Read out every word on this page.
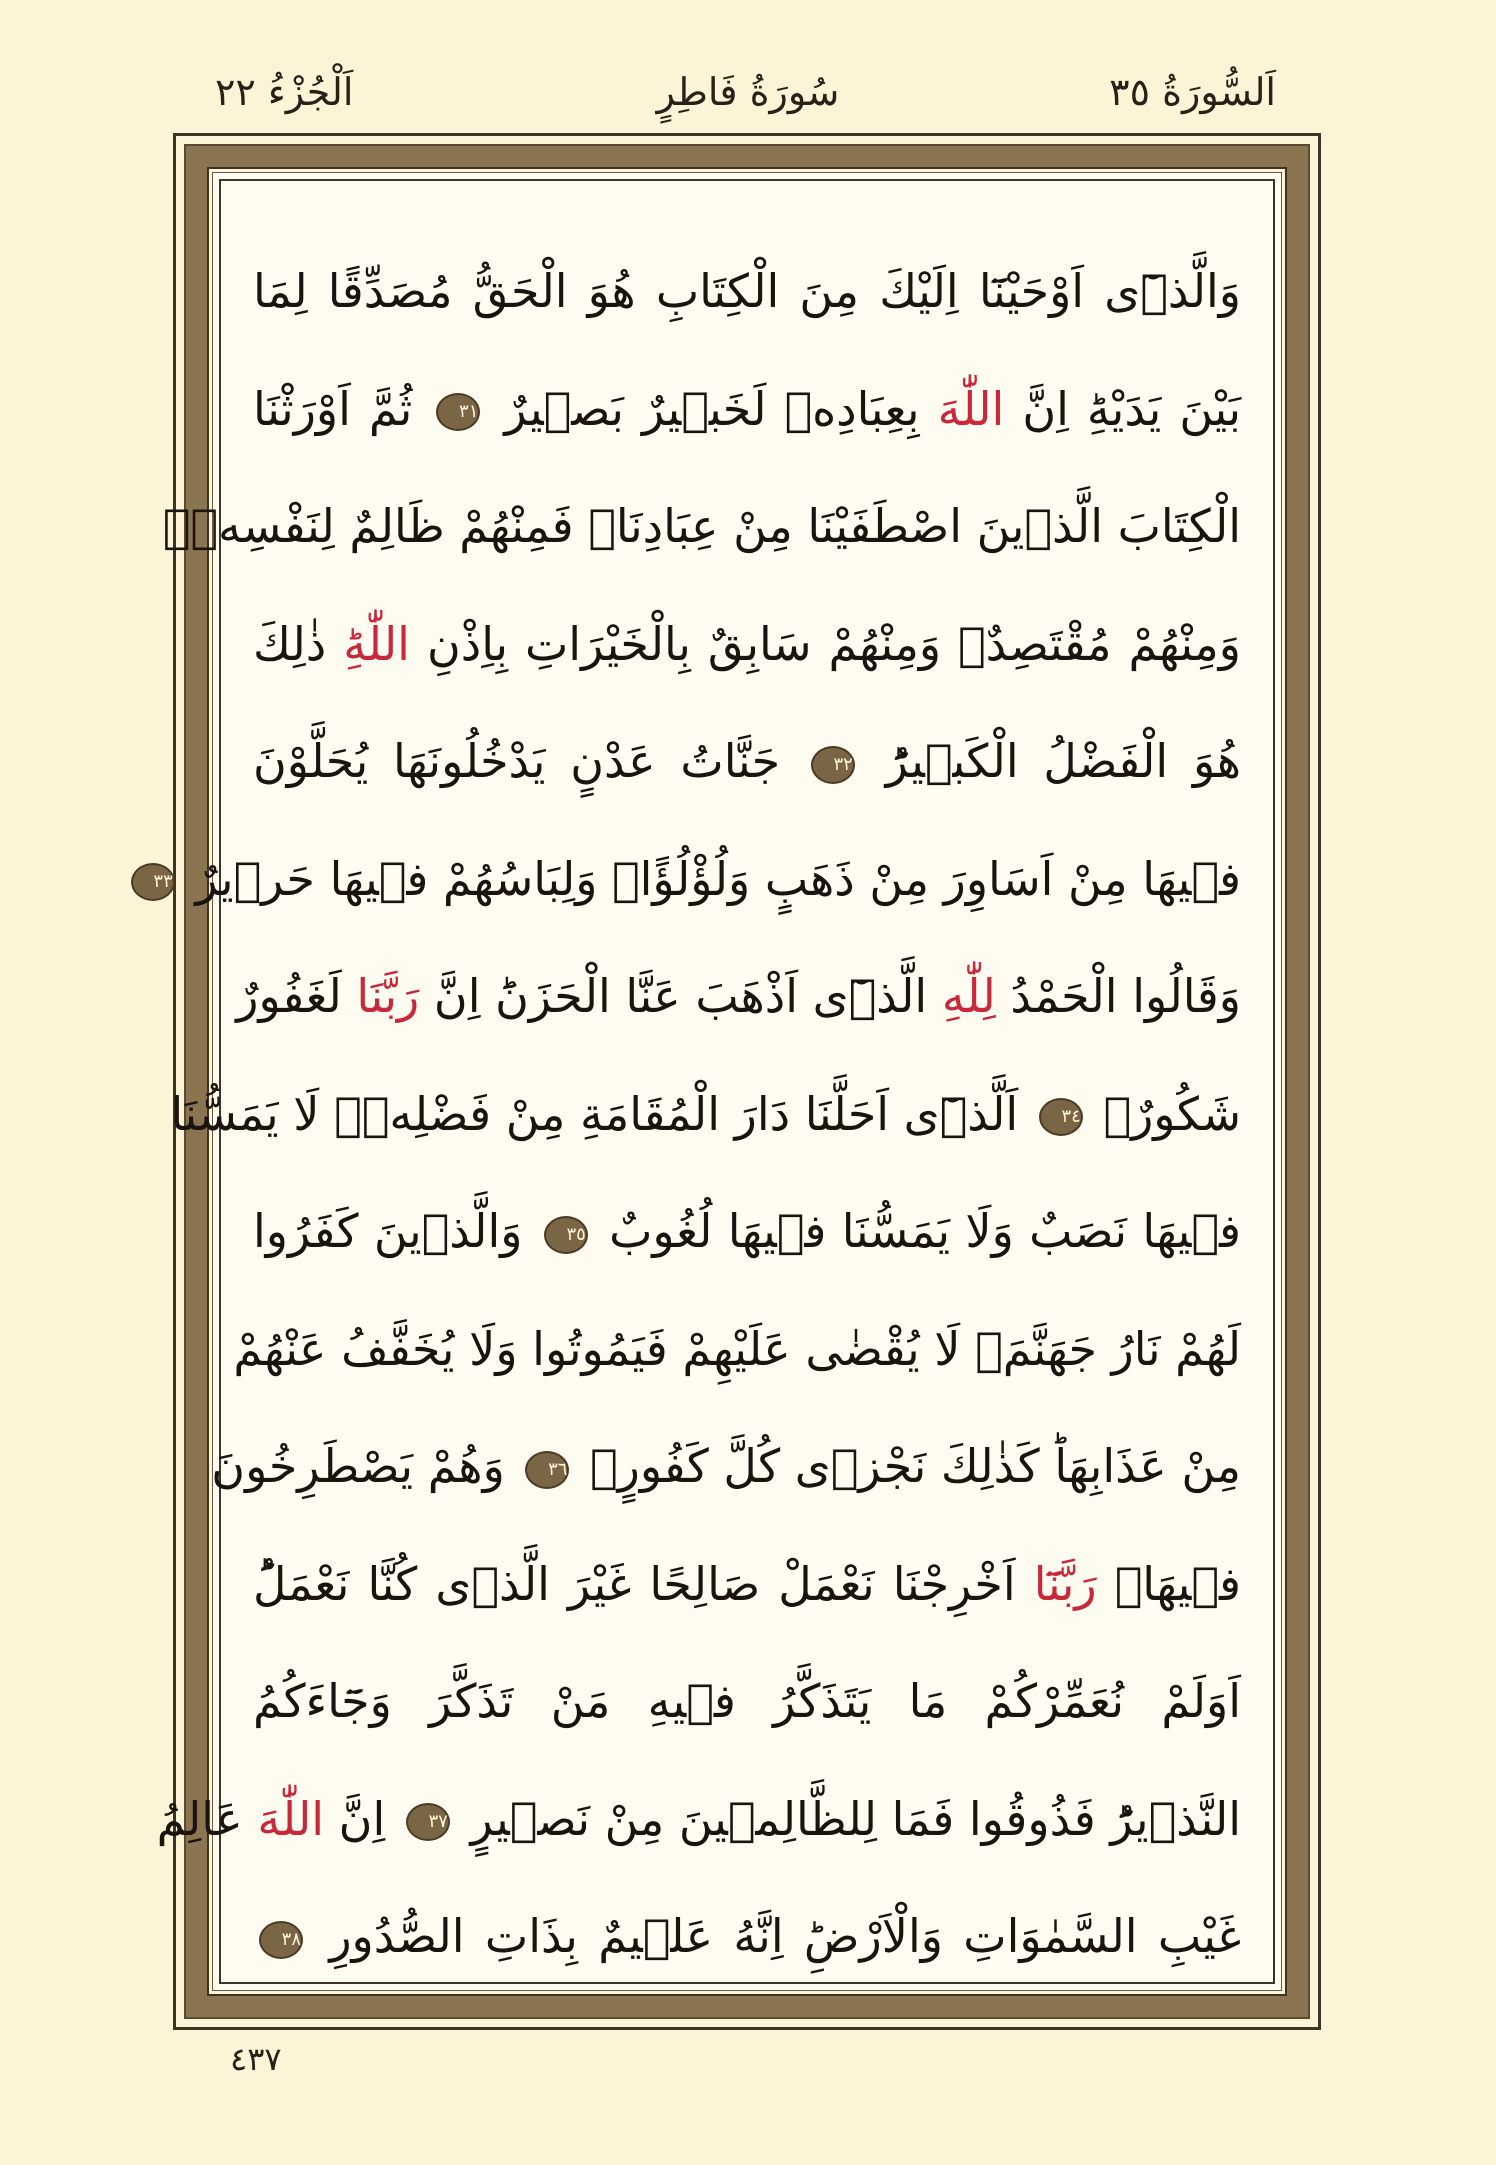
اَلْجُزْءُ ٢٢	سُورَةُ فَاطِرٍ	اَلسُّورَةُ ٣٥
وَالَّذٖٓى اَوْحَيْنَٓا اِلَيْكَ مِنَ الْكِتَابِ هُوَ الْحَقُّ مُصَدِّقًا لِمَا
بَيْنَ يَدَيْهِؕ اِنَّ اللّٰهَ بِعِبَادِهٖ لَخَبٖيرٌ بَصٖيرٌ ٣١ ثُمَّ اَوْرَثْنَا
الْكِتَابَ الَّذٖينَ اصْطَفَيْنَا مِنْ عِبَادِنَاۚ فَمِنْهُمْ ظَالِمٌ لِنَفْسِهٖۚ
وَمِنْهُمْ مُقْتَصِدٌۚ وَمِنْهُمْ سَابِقٌ بِالْخَيْرَاتِ بِاِذْنِ اللّٰهِؕ ذٰلِكَ
هُوَ الْفَضْلُ الْكَبٖيرُؕ ٣٢ جَنَّاتُ عَدْنٍ يَدْخُلُونَهَا يُحَلَّوْنَ
فٖيهَا مِنْ اَسَاوِرَ مِنْ ذَهَبٍ وَلُؤْلُؤًاۚ وَلِبَاسُهُمْ فٖيهَا حَرٖيرٌ ٣٣
وَقَالُوا الْحَمْدُ لِلّٰهِ الَّذٖٓى اَذْهَبَ عَنَّا الْحَزَنَؕ اِنَّ رَبَّنَا لَغَفُورٌ
شَكُورٌۙ ٣٤ اَلَّذٖٓى اَحَلَّنَا دَارَ الْمُقَامَةِ مِنْ فَضْلِهٖۚ لَا يَمَسُّنَا
فٖيهَا نَصَبٌ وَلَا يَمَسُّنَا فٖيهَا لُغُوبٌ ٣٥ وَالَّذٖينَ كَفَرُوا
لَهُمْ نَارُ جَهَنَّمَۚ لَا يُقْضٰى عَلَيْهِمْ فَيَمُوتُوا وَلَا يُخَفَّفُ عَنْهُمْ
مِنْ عَذَابِهَاؕ كَذٰلِكَ نَجْزٖى كُلَّ كَفُورٍۚ ٣٦ وَهُمْ يَصْطَرِخُونَ
فٖيهَاۚ رَبَّنَٓا اَخْرِجْنَا نَعْمَلْ صَالِحًا غَيْرَ الَّذٖى كُنَّا نَعْمَلُؕ
اَوَلَمْ نُعَمِّرْكُمْ مَا يَتَذَكَّرُ فٖيهِ مَنْ تَذَكَّرَ وَجَٓاءَكُمُ
النَّذٖيرُؕ فَذُوقُوا فَمَا لِلظَّالِمٖينَ مِنْ نَصٖيرٍ ٣٧ اِنَّ اللّٰهَ عَالِمُ
غَيْبِ السَّمٰوَاتِ وَالْاَرْضِؕ اِنَّهُ عَلٖيمٌ بِذَاتِ الصُّدُورِ ٣٨
٤٣٧
